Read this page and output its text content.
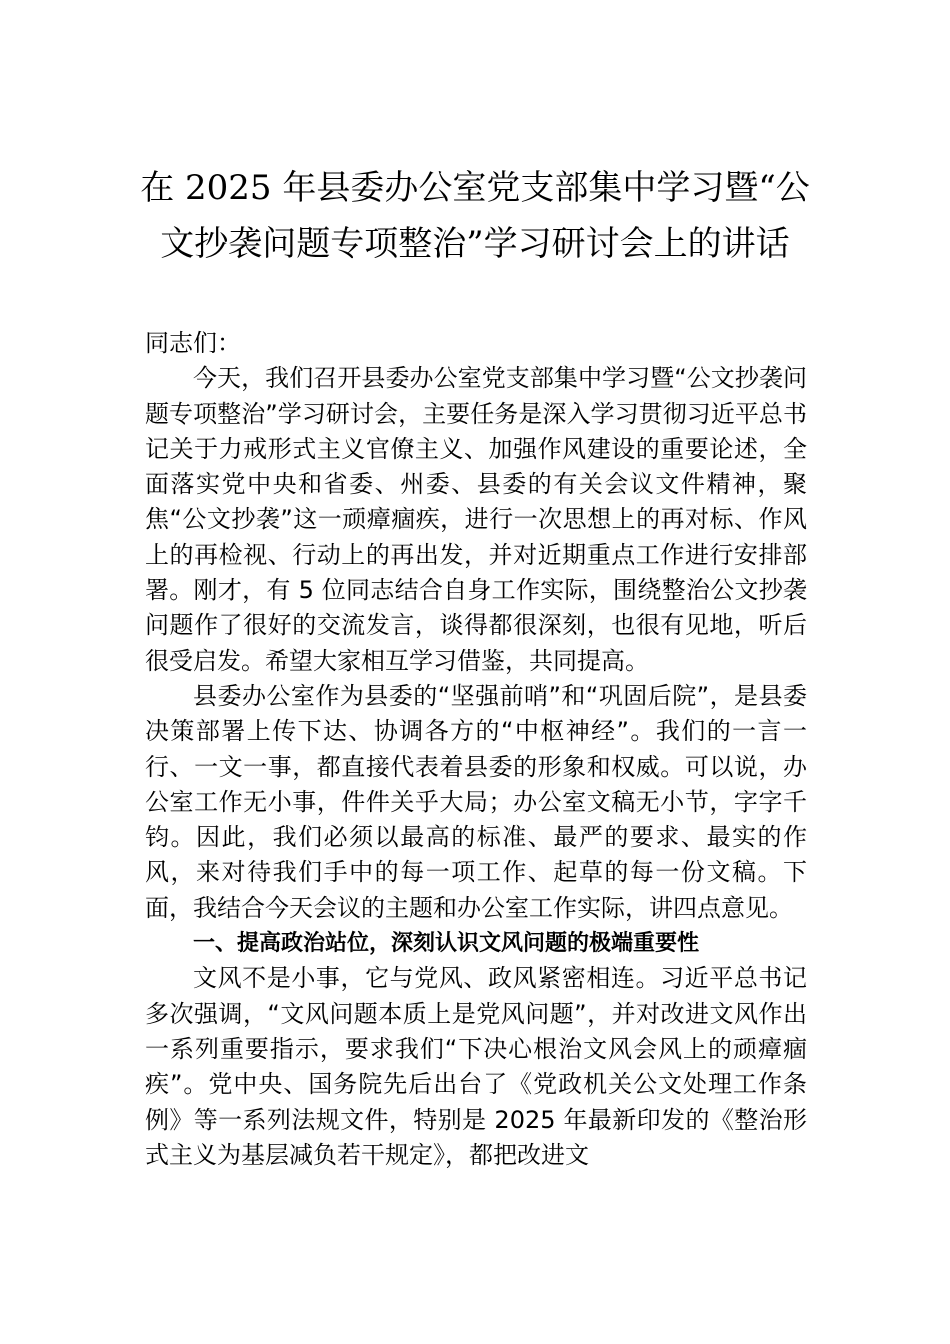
在 2025 年县委办公室党支部集中学习暨“公
文抄袭问题专项整治”学习研讨会上的讲话

同志们：

今天，我们召开县委办公室党支部集中学习暨“公文抄袭问题专项整治”学习研讨会，主要任务是深入学习贯彻习近平总书记关于力戒形式主义官僚主义、加强作风建设的重要论述，全面落实党中央和省委、州委、县委的有关会议文件精神，聚焦“公文抄袭”这一顽瘴痼疾，进行一次思想上的再对标、作风上的再检视、行动上的再出发，并对近期重点工作进行安排部署。刚才，有 5 位同志结合自身工作实际，围绕整治公文抄袭问题作了很好的交流发言，谈得都很深刻，也很有见地，听后很受启发。希望大家相互学习借鉴，共同提高。

县委办公室作为县委的“坚强前哨”和“巩固后院”，是县委决策部署上传下达、协调各方的“中枢神经”。我们的一言一行、一文一事，都直接代表着县委的形象和权威。可以说，办公室工作无小事，件件关乎大局；办公室文稿无小节，字字千钧。因此，我们必须以最高的标准、最严的要求、最实的作风，来对待我们手中的每一项工作、起草的每一份文稿。下面，我结合今天会议的主题和办公室工作实际，讲四点意见。

一、提高政治站位，深刻认识文风问题的极端重要性

文风不是小事，它与党风、政风紧密相连。习近平总书记多次强调，“文风问题本质上是党风问题”，并对改进文风作出一系列重要指示，要求我们“下决心根治文风会风上的顽瘴痼疾”。党中央、国务院先后出台了《党政机关公文处理工作条例》等一系列法规文件，特别是 2025 年最新印发的《整治形式主义为基层减负若干规定》，都把改进文
